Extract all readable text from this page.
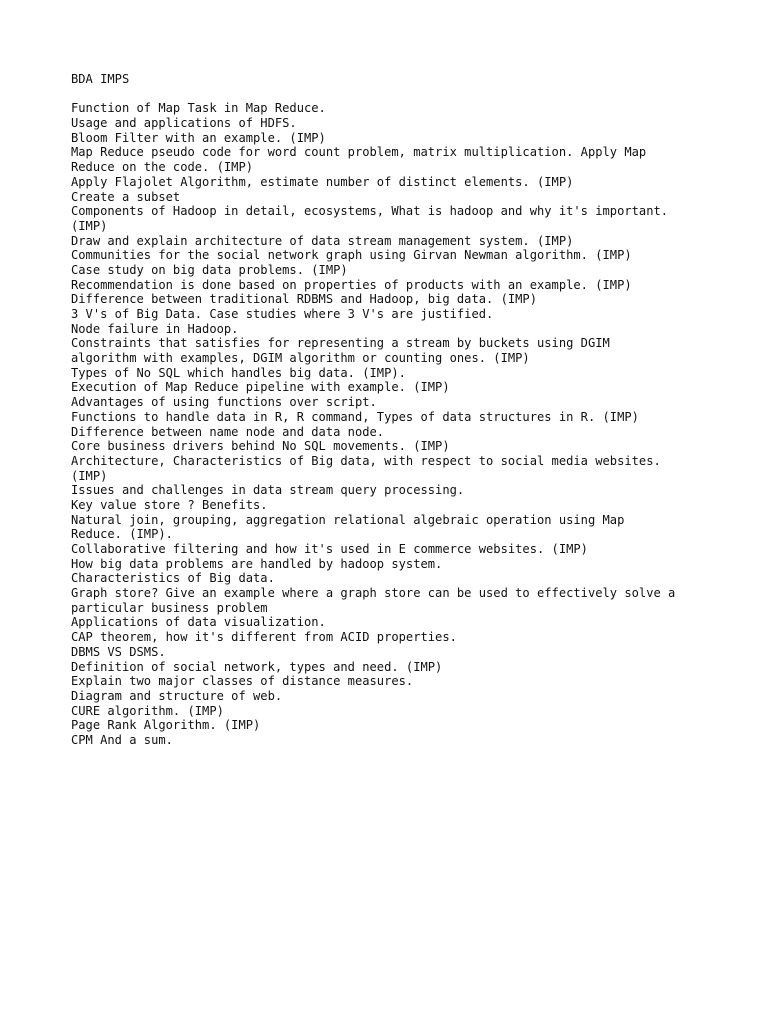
BDA IMPS
Function of Map Task in Map Reduce.
Usage and applications of HDFS.
Bloom Filter with an example. (IMP)
Map Reduce pseudo code for word count problem, matrix multiplication. Apply Map
Reduce on the code. (IMP)
Apply Flajolet Algorithm, estimate number of distinct elements. (IMP)
Create a subset
Components of Hadoop in detail, ecosystems, What is hadoop and why it's important.
(IMP)
Draw and explain architecture of data stream management system. (IMP)
Communities for the social network graph using Girvan Newman algorithm. (IMP)
Case study on big data problems. (IMP)
Recommendation is done based on properties of products with an example. (IMP)
Difference between traditional RDBMS and Hadoop, big data. (IMP)
3 V's of Big Data. Case studies where 3 V's are justified.
Node failure in Hadoop.
Constraints that satisfies for representing a stream by buckets using DGIM
algorithm with examples, DGIM algorithm or counting ones. (IMP)
Types of No SQL which handles big data. (IMP).
Execution of Map Reduce pipeline with example. (IMP)
Advantages of using functions over script.
Functions to handle data in R, R command, Types of data structures in R. (IMP)
Difference between name node and data node.
Core business drivers behind No SQL movements. (IMP)
Architecture, Characteristics of Big data, with respect to social media websites.
(IMP)
Issues and challenges in data stream query processing.
Key value store ? Benefits.
Natural join, grouping, aggregation relational algebraic operation using Map
Reduce. (IMP).
Collaborative filtering and how it's used in E commerce websites. (IMP)
How big data problems are handled by hadoop system.
Characteristics of Big data.
Graph store? Give an example where a graph store can be used to effectively solve a
particular business problem
Applications of data visualization.
CAP theorem, how it's different from ACID properties.
DBMS VS DSMS.
Definition of social network, types and need. (IMP)
Explain two major classes of distance measures.
Diagram and structure of web.
CURE algorithm. (IMP)
Page Rank Algorithm. (IMP)
CPM And a sum.
